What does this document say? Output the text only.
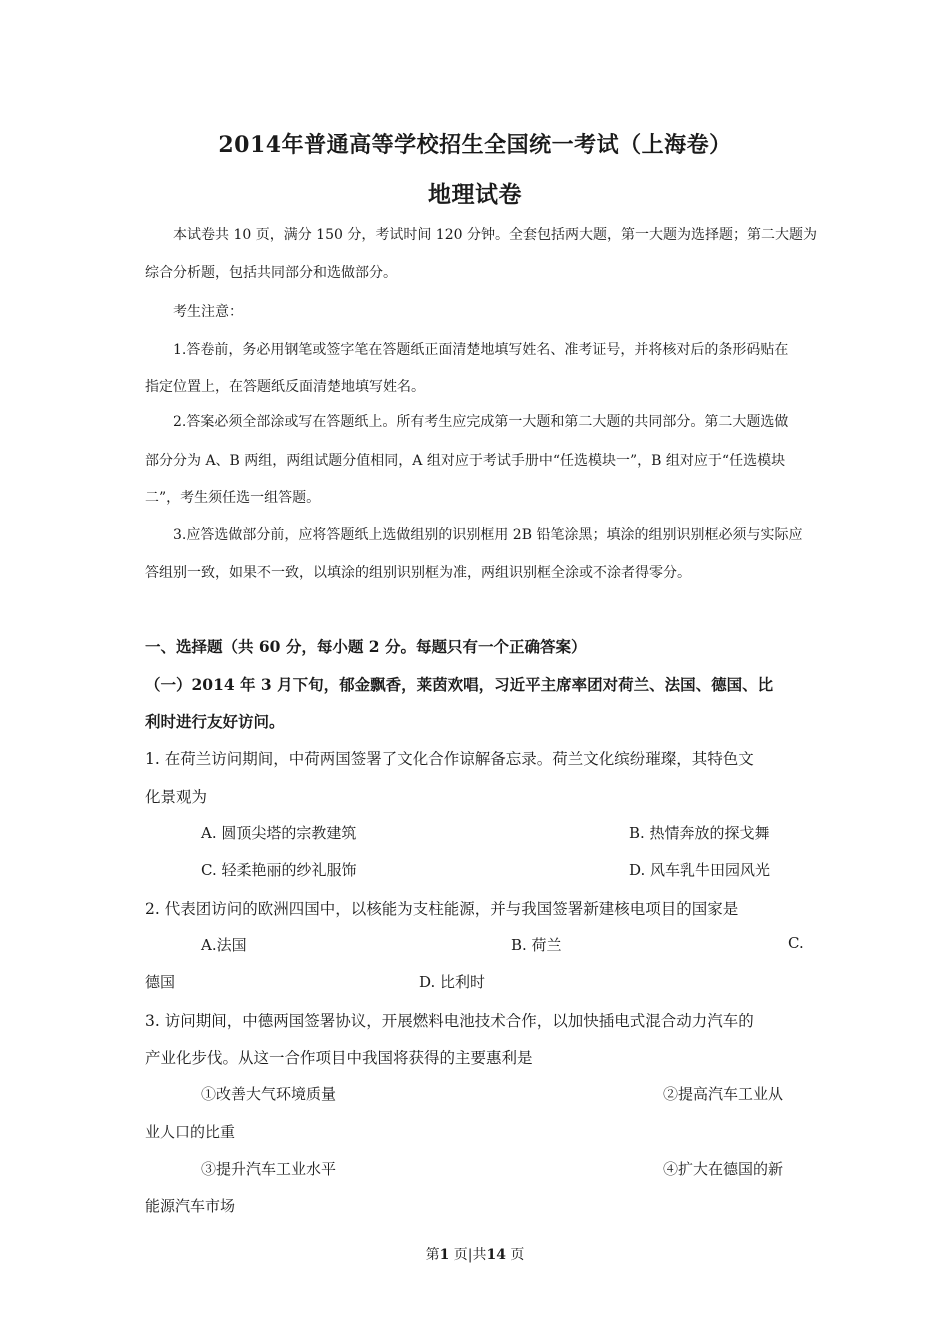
2014年普通高等学校招生全国统一考试（上海卷）
地理试卷
本试卷共 10 页，满分 150 分，考试时间 120 分钟。全套包括两大题，第一大题为选择题；第二大题为
综合分析题，包括共同部分和选做部分。
考生注意：
1.答卷前，务必用钢笔或签字笔在答题纸正面清楚地填写姓名、准考证号，并将核对后的条形码贴在
指定位置上，在答题纸反面清楚地填写姓名。
2.答案必须全部涂或写在答题纸上。所有考生应完成第一大题和第二大题的共同部分。第二大题选做
部分分为 A、B 两组，两组试题分值相同，A 组对应于考试手册中“任选模块一”，B 组对应于“任选模块
二”，考生须任选一组答题。
3.应答选做部分前，应将答题纸上选做组别的识别框用 2B 铅笔涂黑；填涂的组别识别框必须与实际应
答组别一致，如果不一致，以填涂的组别识别框为准，两组识别框全涂或不涂者得零分。
一、选择题（共 60 分，每小题 2 分。每题只有一个正确答案）
（一）2014 年 3 月下旬，郁金飘香，莱茵欢唱，习近平主席率团对荷兰、法国、德国、比
利时进行友好访问。
1. 在荷兰访问期间，中荷两国签署了文化合作谅解备忘录。荷兰文化缤纷璀璨，其特色文
化景观为
A. 圆顶尖塔的宗教建筑	B. 热情奔放的探戈舞
C. 轻柔艳丽的纱礼服饰	D. 风车乳牛田园风光
2. 代表团访问的欧洲四国中，以核能为支柱能源，并与我国签署新建核电项目的国家是
A.法国	B. 荷兰	C.
德国	D. 比利时
3. 访问期间，中德两国签署协议，开展燃料电池技术合作，以加快插电式混合动力汽车的
产业化步伐。从这一合作项目中我国将获得的主要惠利是
①改善大气环境质量	②提高汽车工业从
业人口的比重
③提升汽车工业水平	④扩大在德国的新
能源汽车市场
第1 页|共14 页
